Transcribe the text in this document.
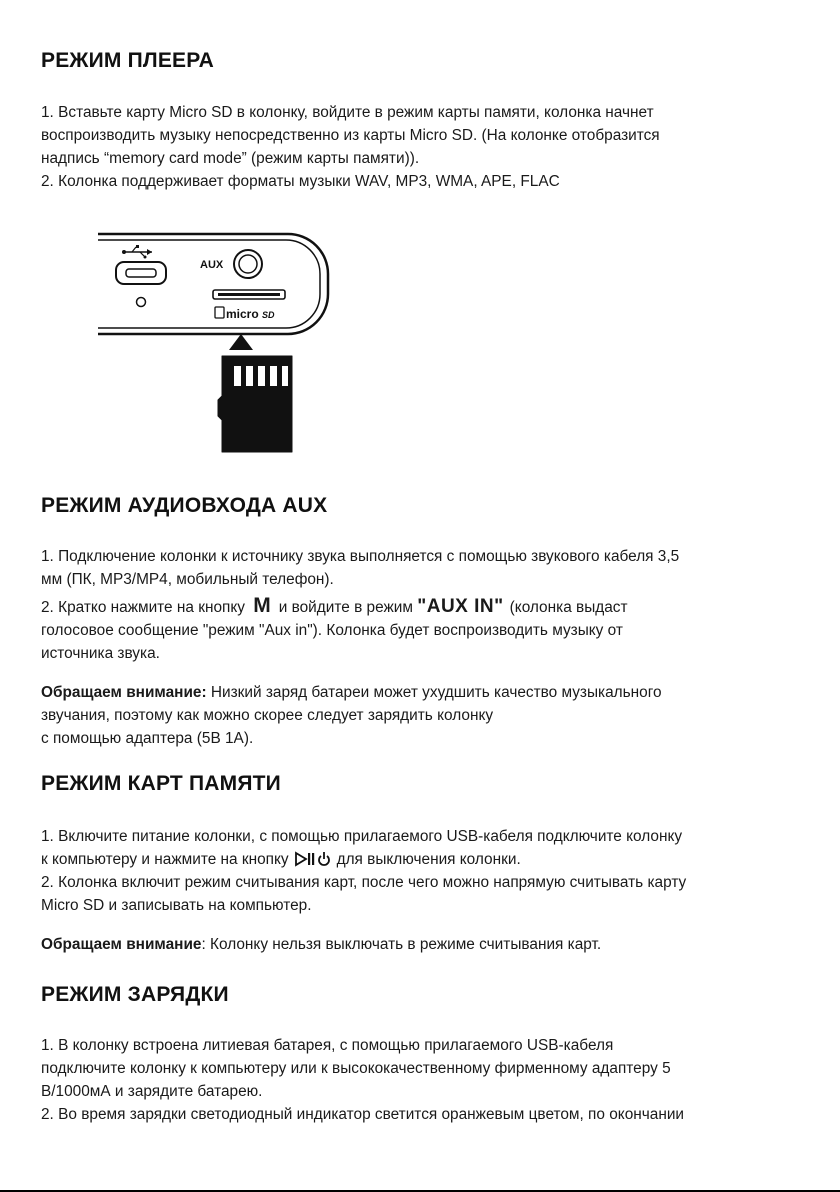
РЕЖИМ ПЛЕЕРА
1. Вставьте карту Micro SD в колонку, войдите в режим карты памяти, колонка начнет
воспроизводить музыку непосредственно из карты Micro SD. (На колонке отобразится
надпись “memory card mode” (режим карты памяти)).
2. Колонка поддерживает форматы музыки WAV, MP3, WMA, APE, FLAC
AUX
micro SD
РЕЖИМ АУДИОВХОДА AUX
1. Подключение колонки к источнику звука выполняется с помощью звукового кабеля 3,5
мм (ПК, MP3/MP4, мобильный телефон).
2. Кратко нажмите на кнопку M и войдите в режим "AUX IN" (колонка выдаст
голосовое сообщение "режим "Aux in"). Колонка будет воспроизводить музыку от
источника звука.
Обращаем внимание: Низкий заряд батареи может ухудшить качество музыкального
звучания, поэтому как можно скорее следует зарядить колонку
с помощью адаптера (5В 1А).
РЕЖИМ КАРТ ПАМЯТИ
1. Включите питание колонки, с помощью прилагаемого USB-кабеля подключите колонку
к компьютеру и нажмите на кнопку	для выключения колонки.
2. Колонка включит режим считывания карт, после чего можно напрямую считывать карту
Micro SD и записывать на компьютер.
Обращаем внимание: Колонку нельзя выключать в режиме считывания карт.
РЕЖИМ ЗАРЯДКИ
1. В колонку встроена литиевая батарея, с помощью прилагаемого USB-кабеля
подключите колонку к компьютеру или к высококачественному фирменному адаптеру 5
В/1000мА и зарядите батарею.
2. Во время зарядки светодиодный индикатор светится оранжевым цветом, по окончании
